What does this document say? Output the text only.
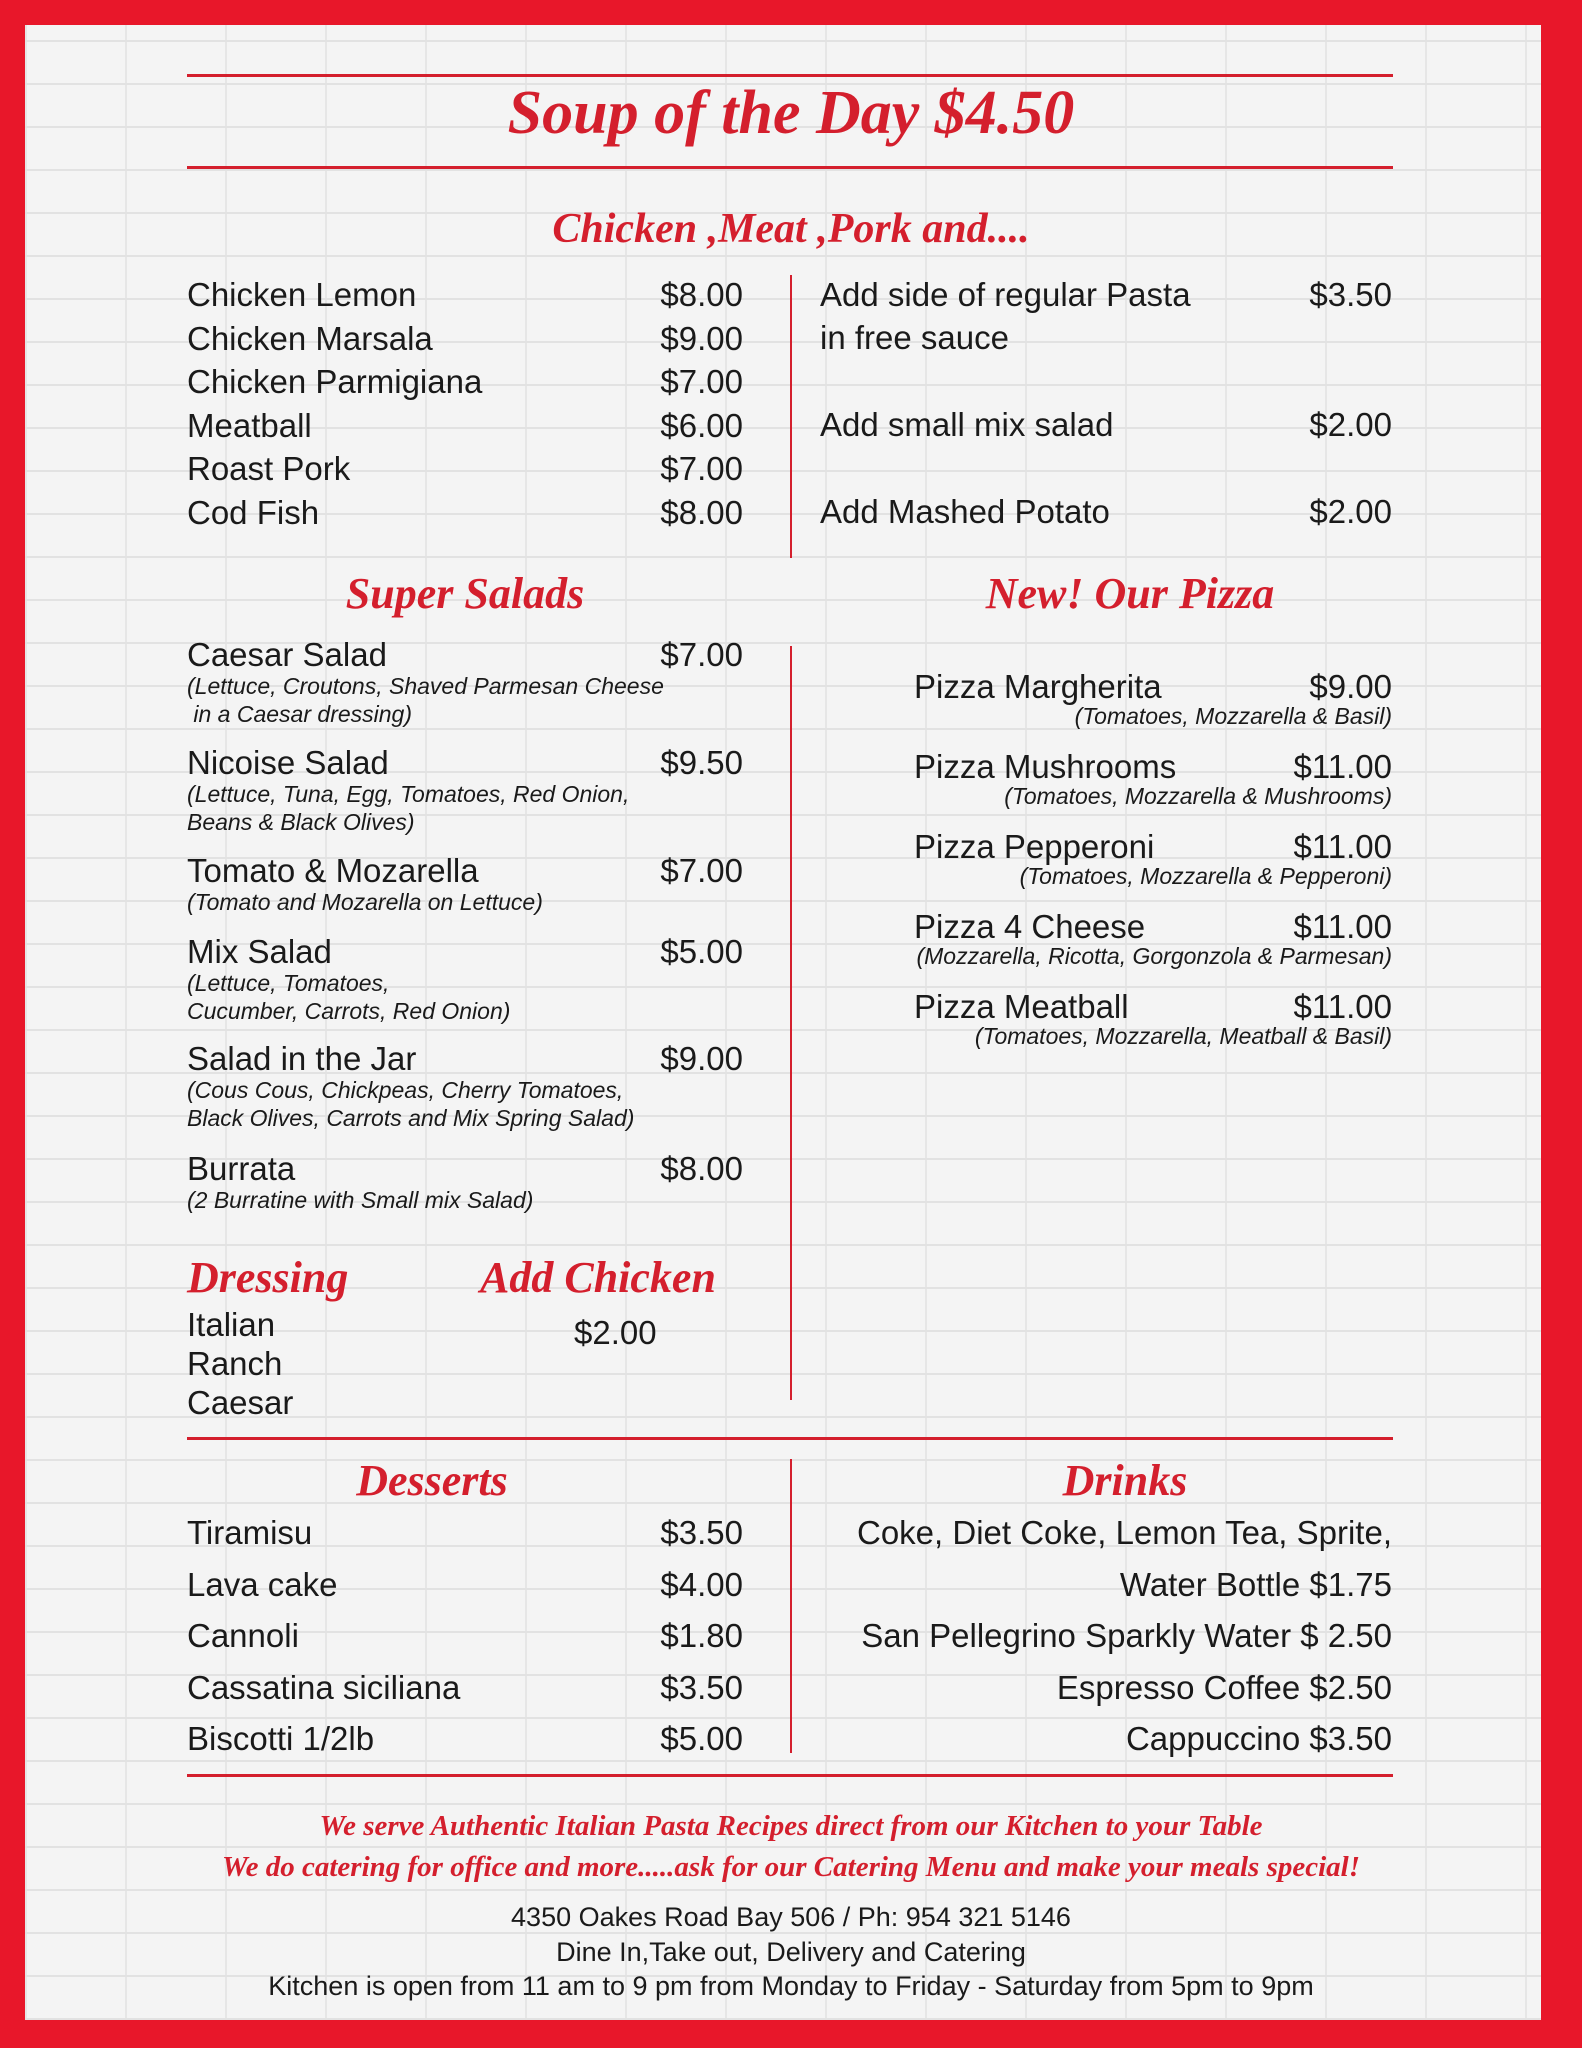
Soup of the Day $4.50
Chicken ,Meat ,Pork and....
Chicken Lemon	$8.00
Chicken Marsala	$9.00
Chicken Parmigiana	$7.00
Meatball	$6.00
Roast Pork	$7.00
Cod Fish	$8.00
Add side of regular Pasta
in free sauce
$3.50
Add small mix salad	$2.00
Add Mashed Potato	$2.00
Super Salads	New! Our Pizza
Caesar Salad	$7.00
(Lettuce, Croutons, Shaved Parmesan Cheese
in a Caesar dressing)
Nicoise Salad	$9.50
(Lettuce, Tuna, Egg, Tomatoes, Red Onion,
Beans & Black Olives)
Tomato & Mozarella	$7.00
(Tomato and Mozarella on Lettuce)
Mix Salad	$5.00
(Lettuce, Tomatoes,
Cucumber, Carrots, Red Onion)
Salad in the Jar	$9.00
(Cous Cous, Chickpeas, Cherry Tomatoes,
Black Olives, Carrots and Mix Spring Salad)
Burrata	$8.00
(2 Burratine with Small mix Salad)
Pizza Margherita	$9.00
(Tomatoes, Mozzarella & Basil)
Pizza Mushrooms	$11.00
(Tomatoes, Mozzarella & Mushrooms)
Pizza Pepperoni	$11.00
(Tomatoes, Mozzarella & Pepperoni)
Pizza 4 Cheese	$11.00
(Mozzarella, Ricotta, Gorgonzola & Parmesan)
Pizza Meatball	$11.00
(Tomatoes, Mozzarella, Meatball & Basil)
Dressing
Italian
Ranch
Caesar
Add Chicken
$2.00
Desserts	Drinks
Tiramisu	$3.50
Lava cake	$4.00
Cannoli	$1.80
Cassatina siciliana	$3.50
Biscotti 1/2lb	$5.00
Coke, Diet Coke, Lemon Tea, Sprite,
Water Bottle $1.75
San Pellegrino Sparkly Water $ 2.50
Espresso Coffee $2.50
Cappuccino $3.50
We serve Authentic Italian Pasta Recipes direct from our Kitchen to your Table
We do catering for office and more.....ask for our Catering Menu and make your meals special!
4350 Oakes Road Bay 506 / Ph: 954 321 5146
Dine In,Take out, Delivery and Catering
Kitchen is open from 11 am to 9 pm from Monday to Friday - Saturday from 5pm to 9pm
